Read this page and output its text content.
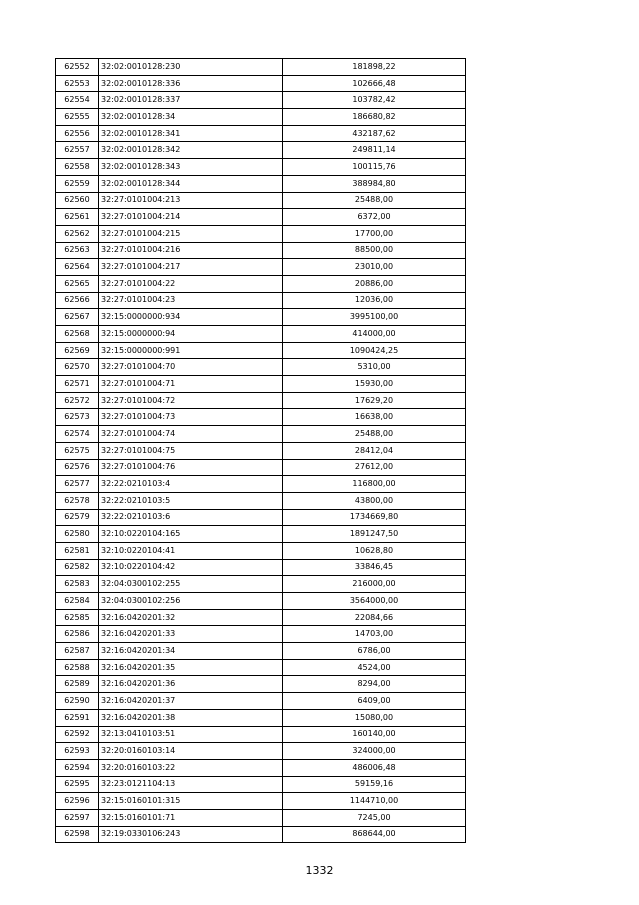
62552	32:02:0010128:230	181898,22
62553	32:02:0010128:336	102666,48
62554	32:02:0010128:337	103782,42
62555	32:02:0010128:34	186680,82
62556	32:02:0010128:341	432187,62
62557	32:02:0010128:342	249811,14
62558	32:02:0010128:343	100115,76
62559	32:02:0010128:344	388984,80
62560	32:27:0101004:213	25488,00
62561	32:27:0101004:214	6372,00
62562	32:27:0101004:215	17700,00
62563	32:27:0101004:216	88500,00
62564	32:27:0101004:217	23010,00
62565	32:27:0101004:22	20886,00
62566	32:27:0101004:23	12036,00
62567	32:15:0000000:934	3995100,00
62568	32:15:0000000:94	414000,00
62569	32:15:0000000:991	1090424,25
62570	32:27:0101004:70	5310,00
62571	32:27:0101004:71	15930,00
62572	32:27:0101004:72	17629,20
62573	32:27:0101004:73	16638,00
62574	32:27:0101004:74	25488,00
62575	32:27:0101004:75	28412,04
62576	32:27:0101004:76	27612,00
62577	32:22:0210103:4	116800,00
62578	32:22:0210103:5	43800,00
62579	32:22:0210103:6	1734669,80
62580	32:10:0220104:165	1891247,50
62581	32:10:0220104:41	10628,80
62582	32:10:0220104:42	33846,45
62583	32:04:0300102:255	216000,00
62584	32:04:0300102:256	3564000,00
62585	32:16:0420201:32	22084,66
62586	32:16:0420201:33	14703,00
62587	32:16:0420201:34	6786,00
62588	32:16:0420201:35	4524,00
62589	32:16:0420201:36	8294,00
62590	32:16:0420201:37	6409,00
62591	32:16:0420201:38	15080,00
62592	32:13:0410103:51	160140,00
62593	32:20:0160103:14	324000,00
62594	32:20:0160103:22	486006,48
62595	32:23:0121104:13	59159,16
62596	32:15:0160101:315	1144710,00
62597	32:15:0160101:71	7245,00
62598	32:19:0330106:243	868644,00
1332
